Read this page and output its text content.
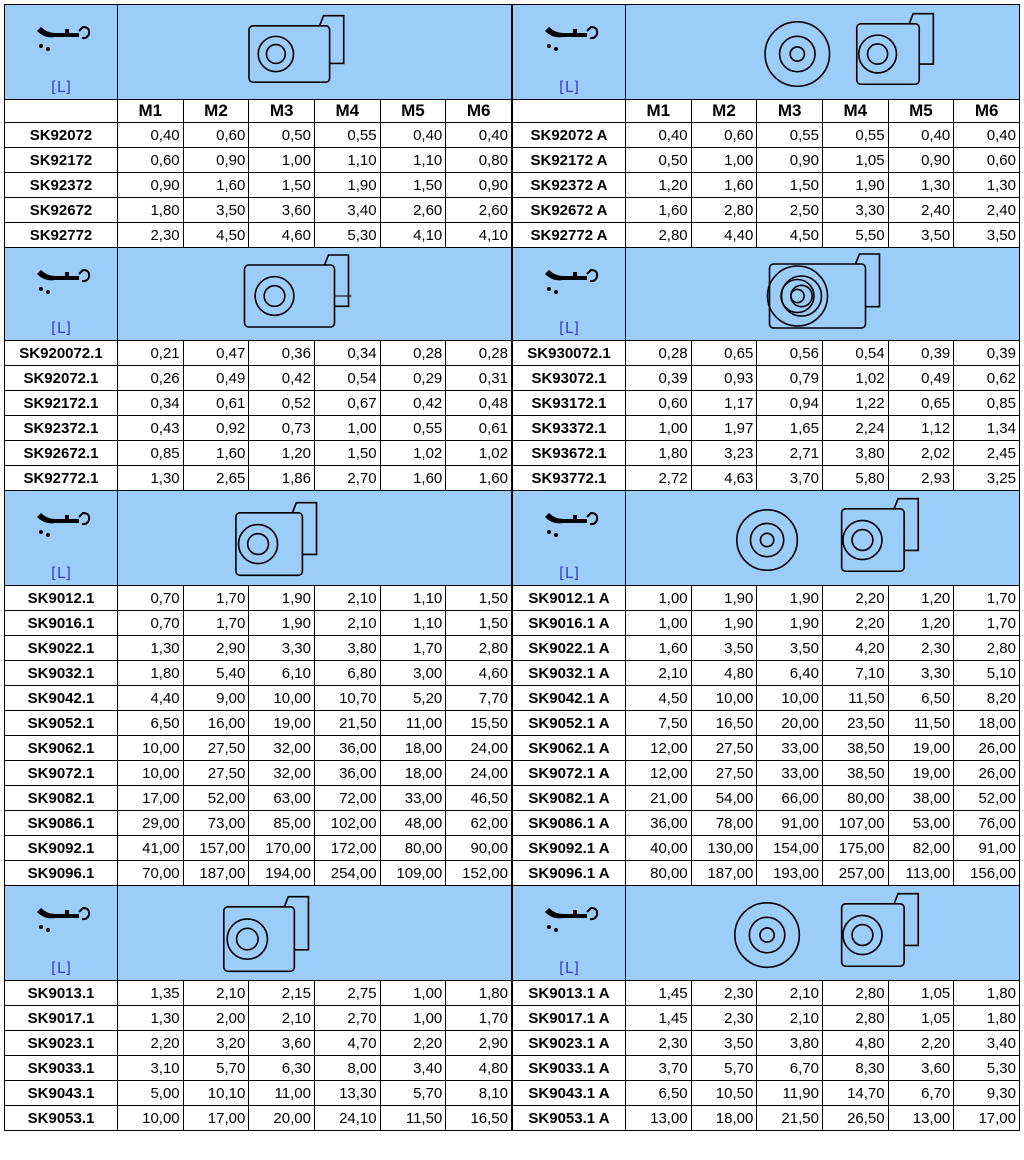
[L]

	M1	M2	M3	M4	M5	M6
SK92072	0,40	0,60	0,50	0,55	0,40	0,40
SK92172	0,60	0,90	1,00	1,10	1,10	0,80
SK92372	0,90	1,60	1,50	1,90	1,50	0,90
SK92672	1,80	3,50	3,60	3,40	2,60	2,60
SK92772	2,30	4,50	4,60	5,30	4,10	4,10

[L]

SK920072.1	0,21	0,47	0,36	0,34	0,28	0,28
SK92072.1	0,26	0,49	0,42	0,54	0,29	0,31
SK92172.1	0,34	0,61	0,52	0,67	0,42	0,48
SK92372.1	0,43	0,92	0,73	1,00	0,55	0,61
SK92672.1	0,85	1,60	1,20	1,50	1,02	1,02
SK92772.1	1,30	2,65	1,86	2,70	1,60	1,60

[L]

SK9012.1	0,70	1,70	1,90	2,10	1,10	1,50
SK9016.1	0,70	1,70	1,90	2,10	1,10	1,50
SK9022.1	1,30	2,90	3,30	3,80	1,70	2,80
SK9032.1	1,80	5,40	6,10	6,80	3,00	4,60
SK9042.1	4,40	9,00	10,00	10,70	5,20	7,70
SK9052.1	6,50	16,00	19,00	21,50	11,00	15,50
SK9062.1	10,00	27,50	32,00	36,00	18,00	24,00
SK9072.1	10,00	27,50	32,00	36,00	18,00	24,00
SK9082.1	17,00	52,00	63,00	72,00	33,00	46,50
SK9086.1	29,00	73,00	85,00	102,00	48,00	62,00
SK9092.1	41,00	157,00	170,00	172,00	80,00	90,00
SK9096.1	70,00	187,00	194,00	254,00	109,00	152,00

[L]

SK9013.1	1,35	2,10	2,15	2,75	1,00	1,80
SK9017.1	1,30	2,00	2,10	2,70	1,00	1,70
SK9023.1	2,20	3,20	3,60	4,70	2,20	2,90
SK9033.1	3,10	5,70	6,30	8,00	3,40	4,80
SK9043.1	5,00	10,10	11,00	13,30	5,70	8,10
SK9053.1	10,00	17,00	20,00	24,10	11,50	16,50
[L]

	M1	M2	M3	M4	M5	M6
SK92072 A	0,40	0,60	0,55	0,55	0,40	0,40
SK92172 A	0,50	1,00	0,90	1,05	0,90	0,60
SK92372 A	1,20	1,60	1,50	1,90	1,30	1,30
SK92672 A	1,60	2,80	2,50	3,30	2,40	2,40
SK92772 A	2,80	4,40	4,50	5,50	3,50	3,50

[L]

SK930072.1	0,28	0,65	0,56	0,54	0,39	0,39
SK93072.1	0,39	0,93	0,79	1,02	0,49	0,62
SK93172.1	0,60	1,17	0,94	1,22	0,65	0,85
SK93372.1	1,00	1,97	1,65	2,24	1,12	1,34
SK93672.1	1,80	3,23	2,71	3,80	2,02	2,45
SK93772.1	2,72	4,63	3,70	5,80	2,93	3,25

[L]

SK9012.1 A	1,00	1,90	1,90	2,20	1,20	1,70
SK9016.1 A	1,00	1,90	1,90	2,20	1,20	1,70
SK9022.1 A	1,60	3,50	3,50	4,20	2,30	2,80
SK9032.1 A	2,10	4,80	6,40	7,10	3,30	5,10
SK9042.1 A	4,50	10,00	10,00	11,50	6,50	8,20
SK9052.1 A	7,50	16,50	20,00	23,50	11,50	18,00
SK9062.1 A	12,00	27,50	33,00	38,50	19,00	26,00
SK9072.1 A	12,00	27,50	33,00	38,50	19,00	26,00
SK9082.1 A	21,00	54,00	66,00	80,00	38,00	52,00
SK9086.1 A	36,00	78,00	91,00	107,00	53,00	76,00
SK9092.1 A	40,00	130,00	154,00	175,00	82,00	91,00
SK9096.1 A	80,00	187,00	193,00	257,00	113,00	156,00

[L]

SK9013.1 A	1,45	2,30	2,10	2,80	1,05	1,80
SK9017.1 A	1,45	2,30	2,10	2,80	1,05	1,80
SK9023.1 A	2,30	3,50	3,80	4,80	2,20	3,40
SK9033.1 A	3,70	5,70	6,70	8,30	3,60	5,30
SK9043.1 A	6,50	10,50	11,90	14,70	6,70	9,30
SK9053.1 A	13,00	18,00	21,50	26,50	13,00	17,00
